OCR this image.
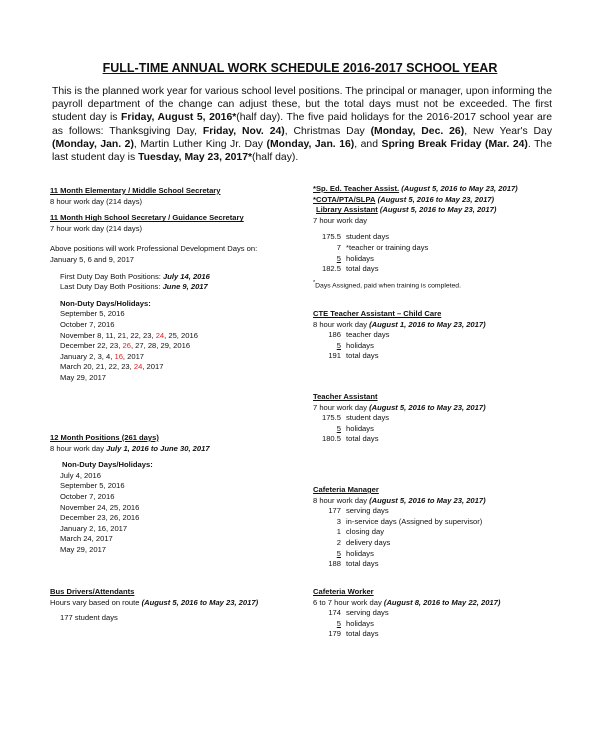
FULL-TIME ANNUAL WORK SCHEDULE 2016-2017 SCHOOL YEAR
This is the planned work year for various school level positions. The principal or manager, upon informing the payroll department of the change can adjust these, but the total days must not be exceeded. The first student day is Friday, August 5, 2016*(half day). The five paid holidays for the 2016-2017 school year are as follows: Thanksgiving Day, Friday, Nov. 24), Christmas Day (Monday, Dec. 26), New Year's Day (Monday, Jan. 2), Martin Luther King Jr. Day (Monday, Jan. 16), and Spring Break Friday (Mar. 24). The last student day is Tuesday, May 23, 2017*(half day).
11 Month Elementary / Middle School Secretary
8 hour work day (214 days)
11 Month High School Secretary / Guidance Secretary
7 hour work day (214 days)
Above positions will work Professional Development Days on:
January 5, 6 and 9, 2017
First Duty Day Both Positions: July 14, 2016
Last Duty Day Both Positions: June 9, 2017
Non-Duty Days/Holidays:
September 5, 2016
October 7, 2016
November 8, 11, 21, 22, 23, 24, 25, 2016
December 22, 23, 26, 27, 28, 29, 2016
January 2, 3, 4, 16, 2017
March 20, 21, 22, 23, 24, 2017
May 29, 2017
12 Month Positions (261 days)
8 hour work day July 1, 2016 to June 30, 2017
Non-Duty Days/Holidays:
July 4, 2016
September 5, 2016
October 7, 2016
November 24, 25, 2016
December 23, 26, 2016
January 2, 16, 2017
March 24, 2017
May 29, 2017
Bus Drivers/Attendants
Hours vary based on route (August 5, 2016 to May 23, 2017)
177 student days
*Sp. Ed. Teacher Assist. (August 5, 2016 to May 23, 2017)
*COTA/PTA/SLPA (August 5, 2016 to May 23, 2017)
Library Assistant (August 5, 2016 to May 23, 2017)
7 hour work day
175.5 student days
7 *teacher or training days
5 holidays
182.5 total days
*Days Assigned, paid when training is completed.
CTE Teacher Assistant – Child Care
8 hour work day (August 1, 2016 to May 23, 2017)
186 teacher days
5 holidays
191 total days
Teacher Assistant
7 hour work day (August 5, 2016 to May 23, 2017)
175.5 student days
5 holidays
180.5 total days
Cafeteria Manager
8 hour work day (August 5, 2016 to May 23, 2017)
177 serving days
3 in-service days (Assigned by supervisor)
1 closing day
2 delivery days
5 holidays
188 total days
Cafeteria Worker
6 to 7 hour work day (August 8, 2016 to May 22, 2017)
174 serving days
5 holidays
179 total days
